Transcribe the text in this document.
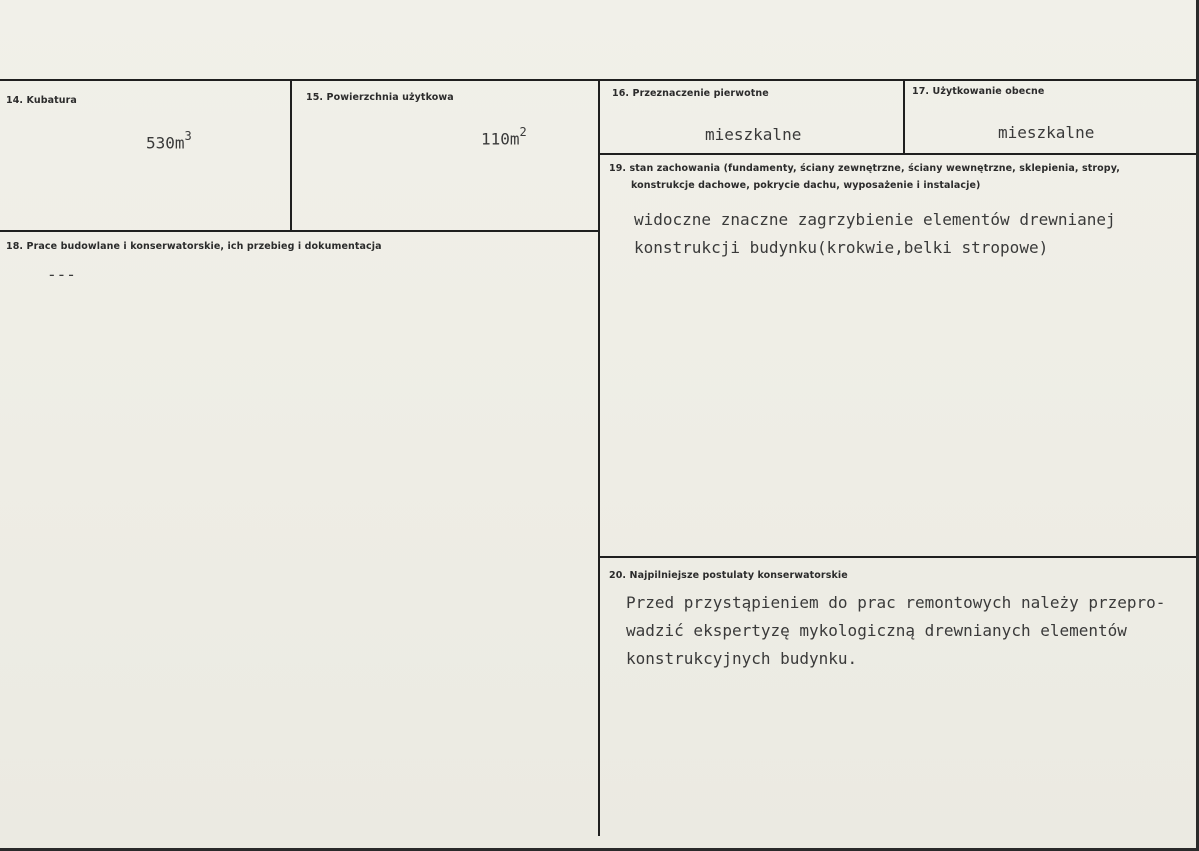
14. Kubatura
$530m^3$
15. Powierzchnia użytkowa
$110m^2$
16. Przeznaczenie pierwotne
mieszkalne
17. Użytkowanie obecne
mieszkalne
18. Prace budowlane i konserwatorskie, ich przebieg i dokumentacja
---
19. stan zachowania (fundamenty, ściany zewnętrzne, ściany wewnętrzne, sklepienia, stropy,
konstrukcje dachowe, pokrycie dachu, wyposażenie i instalacje)
widoczne znaczne zagrzybienie elementów drewnianej
konstrukcji budynku(krokwie,belki stropowe)
20. Najpilniejsze postulaty konserwatorskie
Przed przystąpieniem do prac remontowych należy przepro-
wadzić ekspertyzę mykologiczną drewnianych elementów
konstrukcyjnych budynku.
